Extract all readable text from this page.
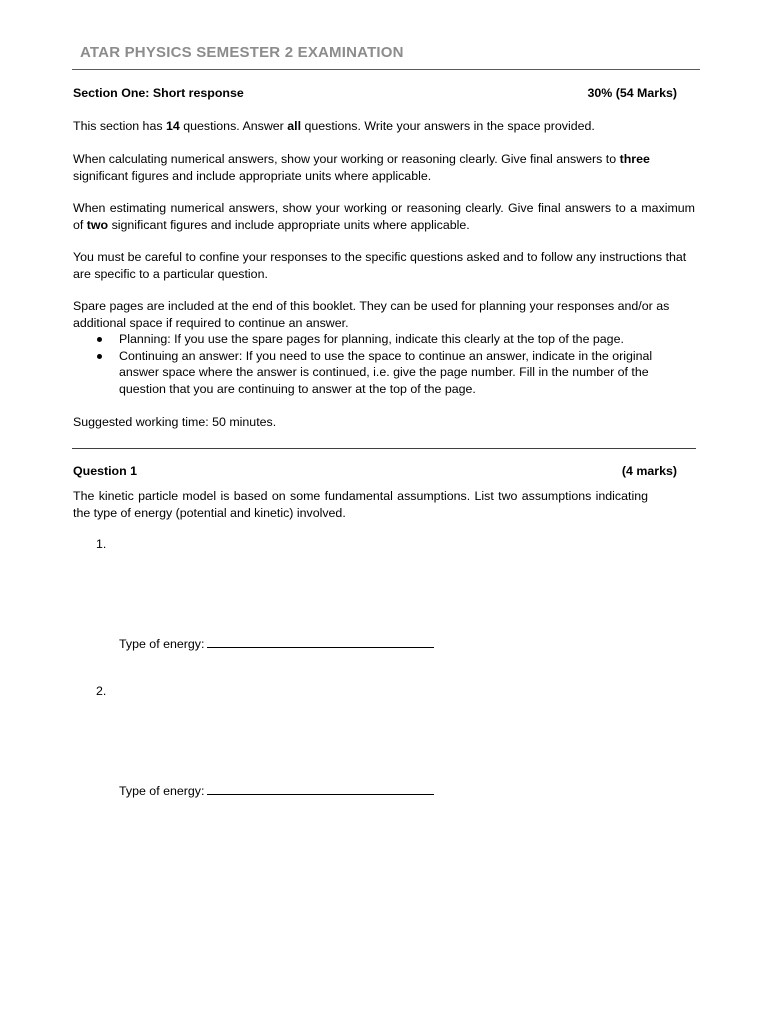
ATAR PHYSICS SEMESTER 2 EXAMINATION
Section One: Short response	30% (54 Marks)
This section has 14 questions. Answer all questions. Write your answers in the space provided.
When calculating numerical answers, show your working or reasoning clearly. Give final answers to three significant figures and include appropriate units where applicable.
When estimating numerical answers, show your working or reasoning clearly. Give final answers to a maximum of two significant figures and include appropriate units where applicable.
You must be careful to confine your responses to the specific questions asked and to follow any instructions that are specific to a particular question.
Spare pages are included at the end of this booklet. They can be used for planning your responses and/or as additional space if required to continue an answer.
Planning: If you use the spare pages for planning, indicate this clearly at the top of the page.
Continuing an answer: If you need to use the space to continue an answer, indicate in the original answer space where the answer is continued, i.e. give the page number. Fill in the number of the question that you are continuing to answer at the top of the page.
Suggested working time: 50 minutes.
Question 1	(4 marks)
The kinetic particle model is based on some fundamental assumptions. List two assumptions indicating the type of energy (potential and kinetic) involved.
1.
Type of energy:
2.
Type of energy:
